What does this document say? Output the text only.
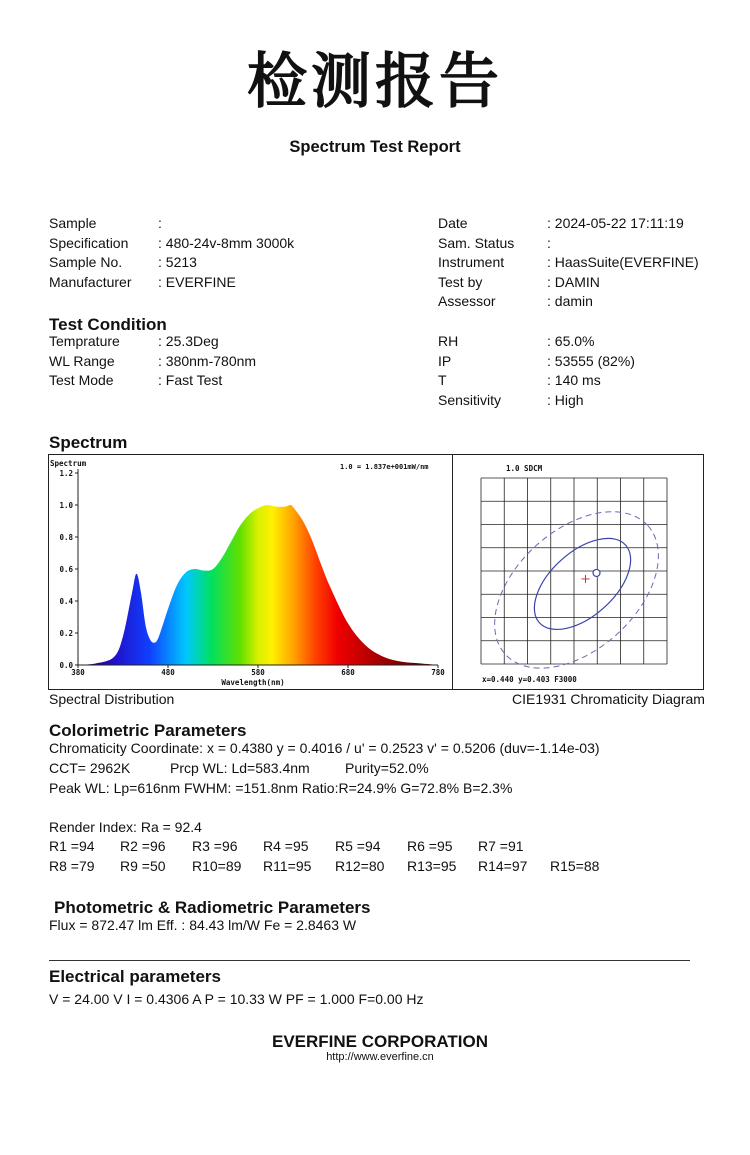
检测报告
Spectrum Test Report
Sample	:
Specification : 480-24v-8mm 3000k
Sample No.	: 5213
Manufacturer : EVERFINE
Date	: 2024-05-22 17:11:19
Sam. Status :
Instrument	: HaasSuite(EVERFINE)
Test by	: DAMIN
Assessor	: damin
Test Condition
Temprature	: 25.3Deg
WL Range	: 380nm-780nm
Test Mode	: Fast Test
RH	: 65.0%
IP	: 53555 (82%)
T	: 140 ms
Sensitivity	: High
Spectrum
0.0
0.2
0.4
0.6
0.8
1.0
1.2
380	480	580	680	780
Spectrum	1.0 = 1.837e+001mW/nm
Wavelength(nm)
1.0 SDCM
x=0.440 y=0.403 F3000
Spectral Distribution	CIE1931 Chromaticity Diagram
Colorimetric Parameters
Chromaticity Coordinate: x = 0.4380 y = 0.4016 / u' = 0.2523 v' = 0.5206 (duv=-1.14e-03)
CCT= 2962K	Prcp WL: Ld=583.4nm	Purity=52.0%
Peak WL: Lp=616nm FWHM: =151.8nm Ratio:R=24.9% G=72.8% B=2.3%
Render Index: Ra = 92.4
R1 =94 R2 =96 R3 =96 R4 =95 R5 =94 R6 =95 R7 =91
R8 =79 R9 =50 R10=89 R11=95 R12=80 R13=95 R14=97 R15=88
Photometric & Radiometric Parameters
Flux = 872.47 lm Eff. : 84.43 lm/W Fe = 2.8463 W
Electrical parameters
V = 24.00 V I = 0.4306 A P = 10.33 W PF = 1.000 F=0.00 Hz
EVERFINE CORPORATION
http://www.everfine.cn
